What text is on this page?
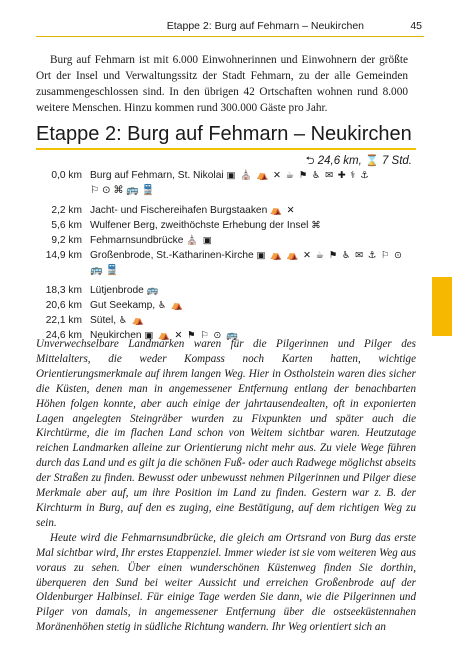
Etappe 2: Burg auf Fehmarn – Neukirchen	45

Burg auf Fehmarn ist mit 6.000 Einwohnerinnen und Einwohnern der größte Ort der Insel und Verwaltungssitz der Stadt Fehmarn, zu der alle Gemeinden zusammengeschlossen sind. In den übrigen 42 Ortschaften wohnen rund 8.000 weitere Menschen. Hinzu kommen rund 300.000 Gäste pro Jahr.

Etappe 2: Burg auf Fehmarn – Neukirchen
⮌ 24,6 km, ⌛ 7 Std.
0,0 km Burg auf Fehmarn, St. Nikolai ▣ ⛪ ⛺ ✕ ☕ ⚑ ♿ ✉ ✚ ⚕ ⚓
⚐ ⊙ ⌘ 🚌 🚆
2,2 km Jacht- und Fischereihafen Burgstaaken ⛺ ✕
5,6 km Wulfener Berg, zweithöchste Erhebung der Insel ⌘
9,2 km Fehmarnsundbrücke ⛪ ▣
14,9 km Großenbrode, St.-Katharinen-Kirche ▣ ⛺ ⛺ ✕ ☕ ⚑ ♿ ✉ ⚓ ⚐ ⊙
🚌 🚆
18,3 km Lütjenbrode 🚌
20,6 km Gut Seekamp, ♿ ⛺
22,1 km Sütel, ♿ ⛺
24,6 km Neukirchen ▣ ⛺ ✕ ⚑ ⚐ ⊙ 🚌

Unverwechselbare Landmarken waren für die Pilgerinnen und Pilger des Mittelalters, die weder Kompass noch Karten hatten, wichtige Orientierungsmerkmale auf ihrem langen Weg. Hier in Ostholstein waren dies sicher die Küsten, denen man in angemessener Entfernung entlang der benachbarten Höhen folgen konnte, aber auch einige der jahrtausendealten, oft in exponierten Lagen angelegten Steingräber wurden zu Fixpunkten und später auch die Kirchtürme, die im flachen Land schon von Weitem sichtbar waren. Heutzutage reichen Landmarken alleine zur Orientierung nicht mehr aus. Zu viele Wege führen durch das Land und es gilt ja die schönen Fuß- oder auch Radwege möglichst abseits der Straßen zu finden. Bewusst oder unbewusst nehmen Pilgerinnen und Pilger diese Merkmale aber auf, um ihre Position im Land zu finden. Gestern war z. B. der Kirchturm in Burg, auf den es zuging, eine Bestätigung, auf dem richtigen Weg zu sein.

Heute wird die Fehmarnsundbrücke, die gleich am Ortsrand von Burg das erste Mal sichtbar wird, Ihr erstes Etappenziel. Immer wieder ist sie vom weiteren Weg aus voraus zu sehen. Über einen wunderschönen Küstenweg finden Sie dorthin, überqueren den Sund bei weiter Aussicht und erreichen Großenbrode auf der Oldenburger Halbinsel. Für einige Tage werden Sie dann, wie die Pilgerinnen und Pilger von damals, in angemessener Entfernung über die ostseeküstennahen Moränenhöhen stetig in südliche Richtung wandern. Ihr Weg orientiert sich an
